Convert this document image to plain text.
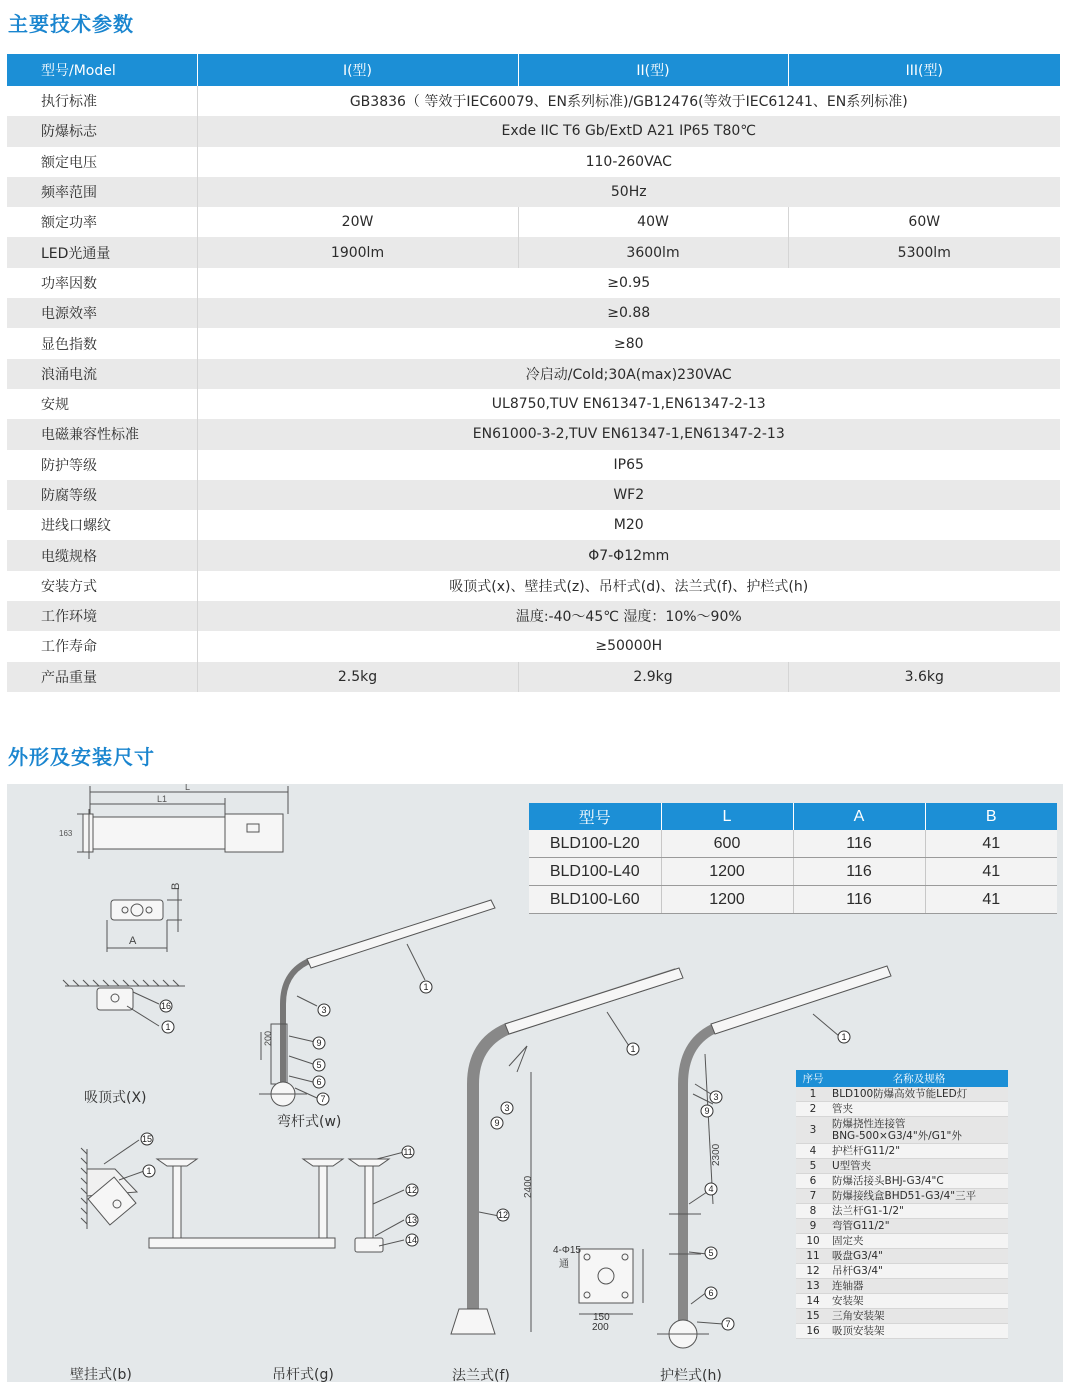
主要技术参数
型号/Model	I(型)	II(型)	III(型)
执行标准	GB3836（ 等效于IEC60079、EN系列标准)/GB12476(等效于IEC61241、EN系列标准)		
防爆标志	Exde IIC T6 Gb/ExtD A21 IP65 T80℃		
额定电压	110-260VAC		
频率范围	50Hz		
额定功率	20W	40W	60W
LED光通量	1900lm	3600lm	5300lm
功率因数	≥0.95		
电源效率	≥0.88		
显色指数	≥80		
浪涌电流	冷启动/Cold;30A(max)230VAC		
安规	UL8750,TUV EN61347-1,EN61347-2-13		
电磁兼容性标准	EN61000-3-2,TUV EN61347-1,EN61347-2-13		
防护等级	IP65		
防腐等级	WF2		
进线口螺纹	M20		
电缆规格	Φ7-Φ12mm		
安装方式	吸顶式(x)、壁挂式(z)、吊杆式(d)、法兰式(f)、护栏式(h)		
工作环境	温度:-40～45℃ 湿度：10%～90%		
工作寿命	≥50000H		
产品重量	2.5kg	2.9kg	3.6kg
外形及安装尺寸
L
L1
163
A
B
200
2400
4-Φ15
通
150
200
2300
16
1
15
1
11
12
13
14
1
3
9
5
6
7
1
3
9
12
1
3
9
4
5
6
7
型号	L	A	B
BLD100-L20	600	116	41
BLD100-L40	1200	116	41
BLD100-L60	1200	116	41
序号	名称及规格
1	BLD100防爆高效节能LED灯
2	管夹
3	防爆挠性连接管
BNG-500×G3/4"外/G1"外
4	护栏杆G11/2"
5	U型管夹
6	防爆活接头BHJ-G3/4"C
7	防爆接线盒BHD51-G3/4"三平
8	法兰杆G1-1/2"
9	弯管G11/2"
10	固定夹
11	吸盘G3/4"
12	吊杆G3/4"
13	连轴器
14	安装架
15	三角安装架
16	吸顶安装架
吸顶式(X)
弯杆式(w)
壁挂式(b)	吊杆式(g)	法兰式(f)	护栏式(h)
